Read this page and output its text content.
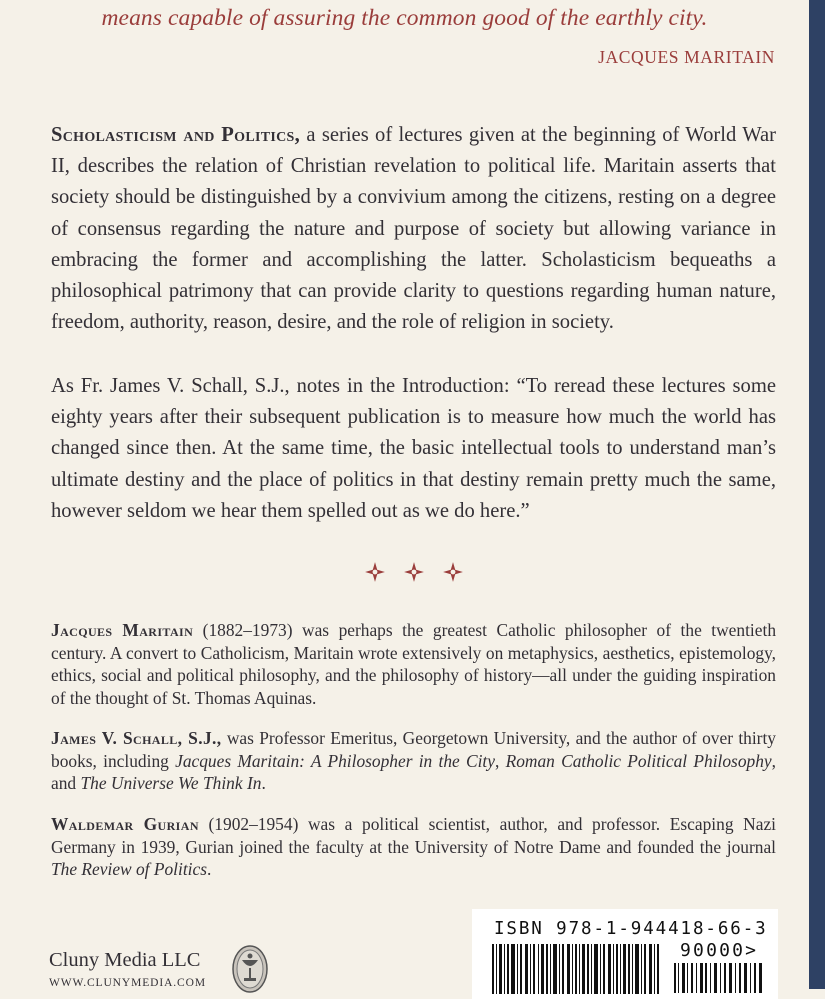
means capable of assuring the common good of the earthly city.
JACQUES MARITAIN
Scholasticism and Politics, a series of lectures given at the beginning of World War II, describes the relation of Christian revelation to political life. Maritain asserts that society should be distinguished by a convivium among the citizens, resting on a degree of consensus regarding the nature and purpose of society but allowing variance in embracing the former and accomplishing the latter. Scholasticism bequeaths a philosophical patrimony that can provide clarity to questions regarding human nature, freedom, authority, reason, desire, and the role of religion in society.
As Fr. James V. Schall, S.J., notes in the Introduction: “To reread these lectures some eighty years after their subsequent publication is to measure how much the world has changed since then. At the same time, the basic intellectual tools to understand man’s ultimate destiny and the place of politics in that destiny remain pretty much the same, however seldom we hear them spelled out as we do here.”
Jacques Maritain (1882–1973) was perhaps the greatest Catholic philosopher of the twentieth century. A convert to Catholicism, Maritain wrote extensively on metaphysics, aesthetics, epistemology, ethics, social and political philosophy, and the philosophy of history—all under the guiding inspiration of the thought of St. Thomas Aquinas.
James V. Schall, S.J., was Professor Emeritus, Georgetown University, and the author of over thirty books, including Jacques Maritain: A Philosopher in the City, Roman Catholic Political Philosophy, and The Universe We Think In.
Waldemar Gurian (1902–1954) was a political scientist, author, and professor. Escaping Nazi Germany in 1939, Gurian joined the faculty at the University of Notre Dame and founded the journal The Review of Politics.
Cluny Media LLC
WWW.CLUNYMEDIA.COM
ISBN 978-1-944418-66-3
90000>
